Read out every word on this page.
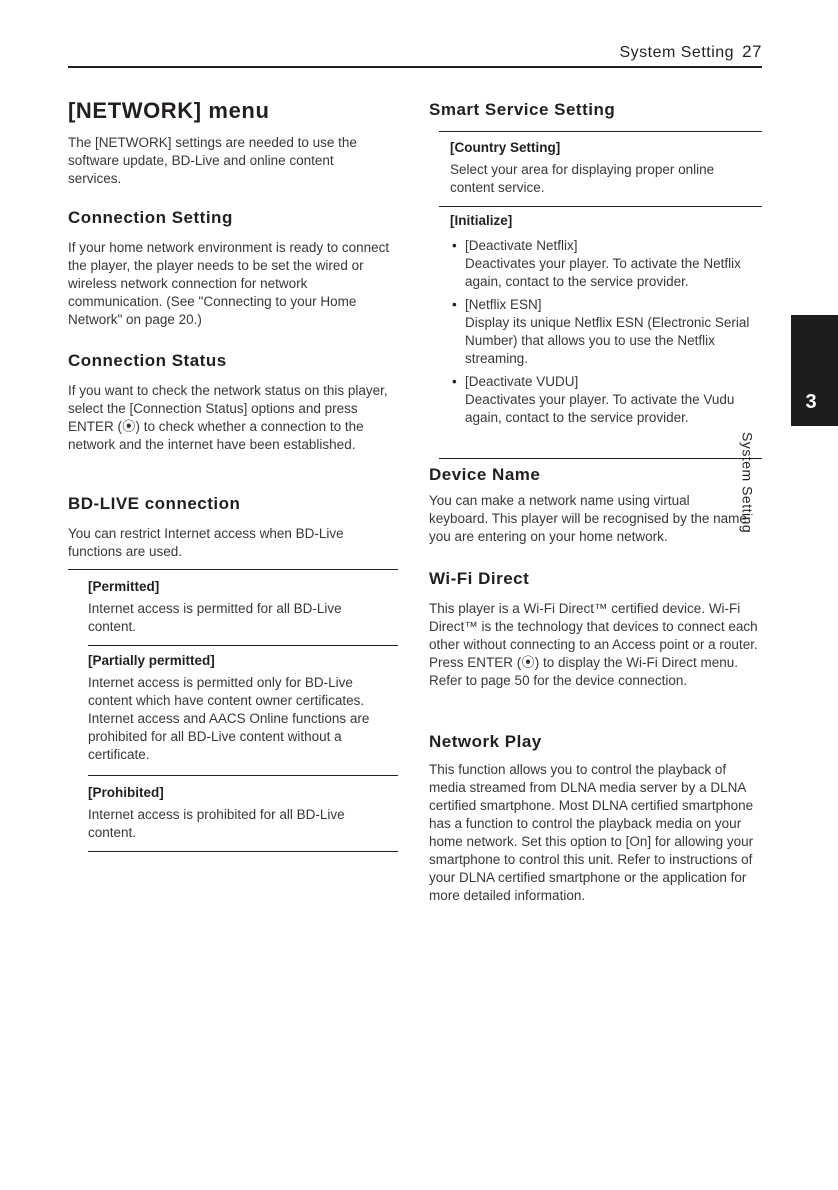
System Setting 27
[NETWORK] menu

The [NETWORK] settings are needed to use the software update, BD-Live and online content services.

Connection Setting

If your home network environment is ready to connect the player, the player needs to be set the wired or wireless network connection for network communication. (See "Connecting to your Home Network" on page 20.)

Connection Status

If you want to check the network status on this player, select the [Connection Status] options and press ENTER (⦿) to check whether a connection to the network and the internet have been established.

BD-LIVE connection

You can restrict Internet access when BD-Live functions are used.

[Permitted]

Internet access is permitted for all BD-Live content.

[Partially permitted]

Internet access is permitted only for BD-Live content which have content owner certificates. Internet access and AACS Online functions are prohibited for all BD-Live content without a certificate.

[Prohibited]

Internet access is prohibited for all BD-Live content.

Smart Service Setting

[Country Setting]

Select your area for displaying proper online content service.

[Initialize]

• [Deactivate Netflix]
Deactivates your player. To activate the Netflix again, contact to the service provider.
• [Netflix ESN]
Display its unique Netflix ESN (Electronic Serial Number) that allows you to use the Netflix streaming.
• [Deactivate VUDU]
Deactivates your player. To activate the Vudu again, contact to the service provider.
Device Name

You can make a network name using virtual keyboard. This player will be recognised by the name you are entering on your home network.

Wi-Fi Direct

This player is a Wi-Fi Direct™ certified device. Wi-Fi Direct™ is the technology that devices to connect each other without connecting to an Access point or a router. Press ENTER (⦿) to display the Wi-Fi Direct menu. Refer to page 50 for the device connection.

Network Play

This function allows you to control the playback of media streamed from DLNA media server by a DLNA certified smartphone. Most DLNA certified smartphone has a function to control the playback media on your home network. Set this option to [On] for allowing your smartphone to control this unit. Refer to instructions of your DLNA certified smartphone or the application for more detailed information.

3
System Setting
